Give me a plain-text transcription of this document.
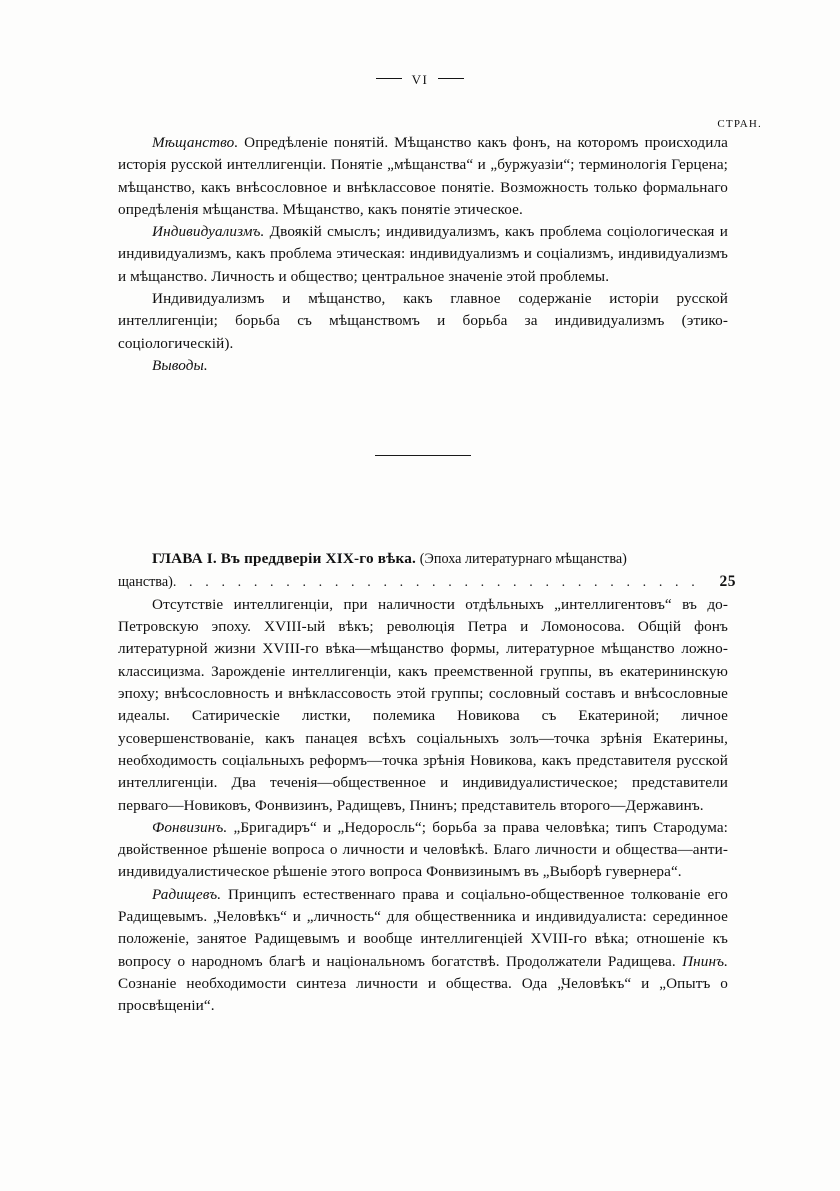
VI
СТРАН.

Мѣщанство. Опредѣленіе понятій. Мѣщанство какъ фонъ, на которомъ происходила исторія русской интеллигенціи. Понятіе „мѣщанства“ и „буржуазіи“; терминологія Герцена; мѣщанство, какъ внѣсословное и внѣклассовое понятіе. Возможность только формальнаго опредѣленія мѣщанства. Мѣщанство, какъ понятіе этическое.

Индивидуализмъ. Двоякій смыслъ; индивидуализмъ, какъ проблема соціологическая и индивидуализмъ, какъ проблема этическая: индивидуализмъ и соціализмъ, индивидуализмъ и мѣщанство. Личность и общество; центральное значеніе этой проблемы.

Индивидуализмъ и мѣщанство, какъ главное содержаніе исторіи русской интеллигенціи; борьба съ мѣщанствомъ и борьба за индивидуализмъ (этико-соціологическій).

Выводы.

ГЛАВА I. Въ преддверіи XIX-го вѣка. (Эпоха литературнаго мѣщанства)
щанства). . . . . . . . . . . . . . . . . . . . . . . . . . . . . . . . . 25

Отсутствіе интеллигенціи, при наличности отдѣльныхъ „интеллигентовъ“ въ до-Петровскую эпоху. XVIII-ый вѣкъ; революція Петра и Ломоносова. Общій фонъ литературной жизни XVIII-го вѣка—мѣщанство формы, литературное мѣщанство ложно-классицизма. Зарожденіе интеллигенціи, какъ преемственной группы, въ екатерининскую эпоху; внѣсословность и внѣклассовость этой группы; сословный составъ и внѣсословные идеалы. Сатирическіе листки, полемика Новикова съ Екатериной; личное усовершенствованіе, какъ панацея всѣхъ соціальныхъ золъ—точка зрѣнія Екатерины, необходимость соціальныхъ реформъ—точка зрѣнія Новикова, какъ представителя русской интеллигенціи. Два теченія—общественное и индивидуалистическое; представители перваго—Новиковъ, Фонвизинъ, Радищевъ, Пнинъ; представитель второго—Державинъ.

Фонвизинъ. „Бригадиръ“ и „Недоросль“; борьба за права человѣка; типъ Стародума: двойственное рѣшеніе вопроса о личности и человѣкѣ. Благо личности и общества—анти-индивидуалистическое рѣшеніе этого вопроса Фонвизинымъ въ „Выборѣ гувернера“.

Радищевъ. Принципъ естественнаго права и соціально-общественное толкованіе его Радищевымъ. „Человѣкъ“ и „личность“ для общественника и индивидуалиста: серединное положеніе, занятое Радищевымъ и вообще интеллигенціей XVIII-го вѣка; отношеніе къ вопросу о народномъ благѣ и національномъ богатствѣ. Продолжатели Радищева. Пнинъ. Сознаніе необходимости синтеза личности и общества. Ода „Человѣкъ“ и „Опытъ о просвѣщеніи“.
